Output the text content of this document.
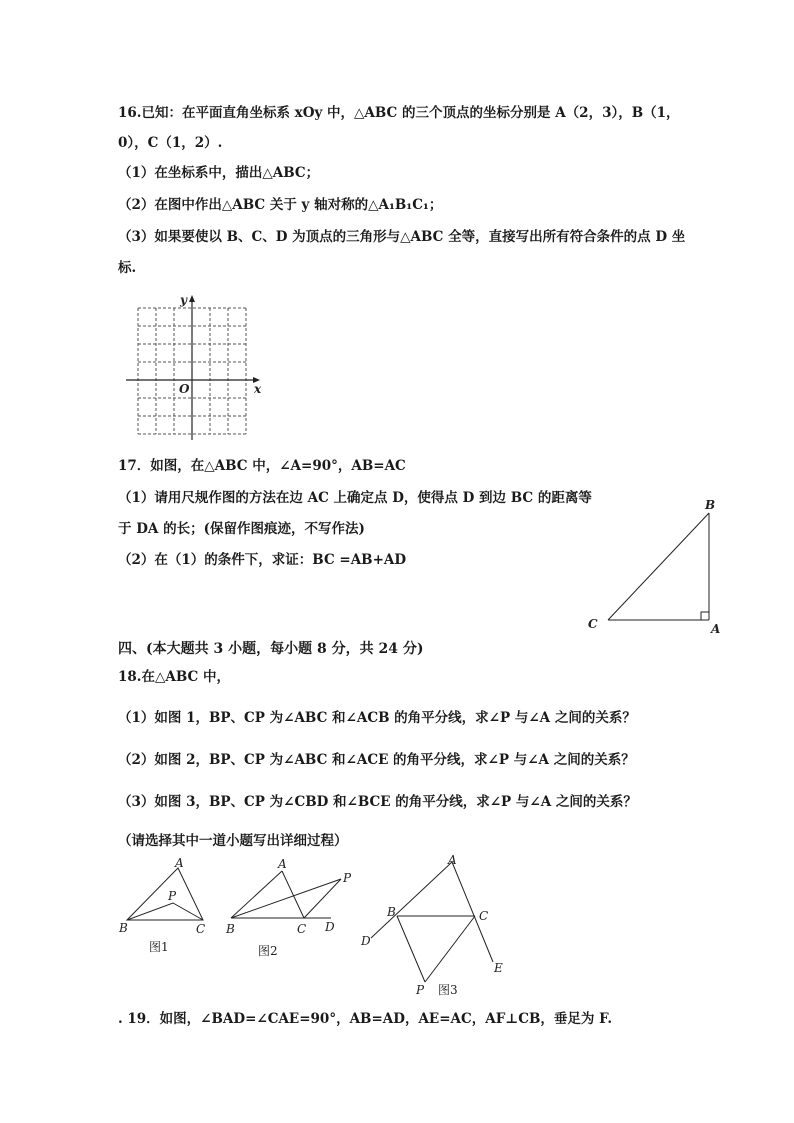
16.已知：在平面直角坐标系 xOy 中，△ABC 的三个顶点的坐标分别是 A（2，3），B（1，
0），C（1，2）.
（1）在坐标系中，描出△ABC；
（2）在图中作出△ABC 关于 y 轴对称的△A₁B₁C₁；
（3）如果要使以 B、C、D 为顶点的三角形与△ABC 全等，直接写出所有符合条件的点 D 坐
标.
x
y
O
17．如图，在△ABC 中，∠A=90°，AB=AC
（1）请用尺规作图的方法在边 AC 上确定点 D，使得点 D 到边 BC 的距离等
于 DA 的长；(保留作图痕迹，不写作法)
（2）在（1）的条件下，求证：BC =AB+AD
B
C	A
四、(本大题共 3 小题，每小题 8 分，共 24 分)
18.在△ABC 中，
（1）如图 1，BP、CP 为∠ABC 和∠ACB 的角平分线，求∠P 与∠A 之间的关系？
（2）如图 2，BP、CP 为∠ABC 和∠ACE 的角平分线，求∠P 与∠A 之间的关系？
（3）如图 3，BP、CP 为∠CBD 和∠BCE 的角平分线，求∠P 与∠A 之间的关系？
（请选择其中一道小题写出详细过程）
A
P
B	C
图1
A
P
B	C D
图2
A
B	C
D
E
P 图3
. 19．如图，∠BAD=∠CAE=90°，AB=AD，AE=AC，AF⊥CB，垂足为 F.
